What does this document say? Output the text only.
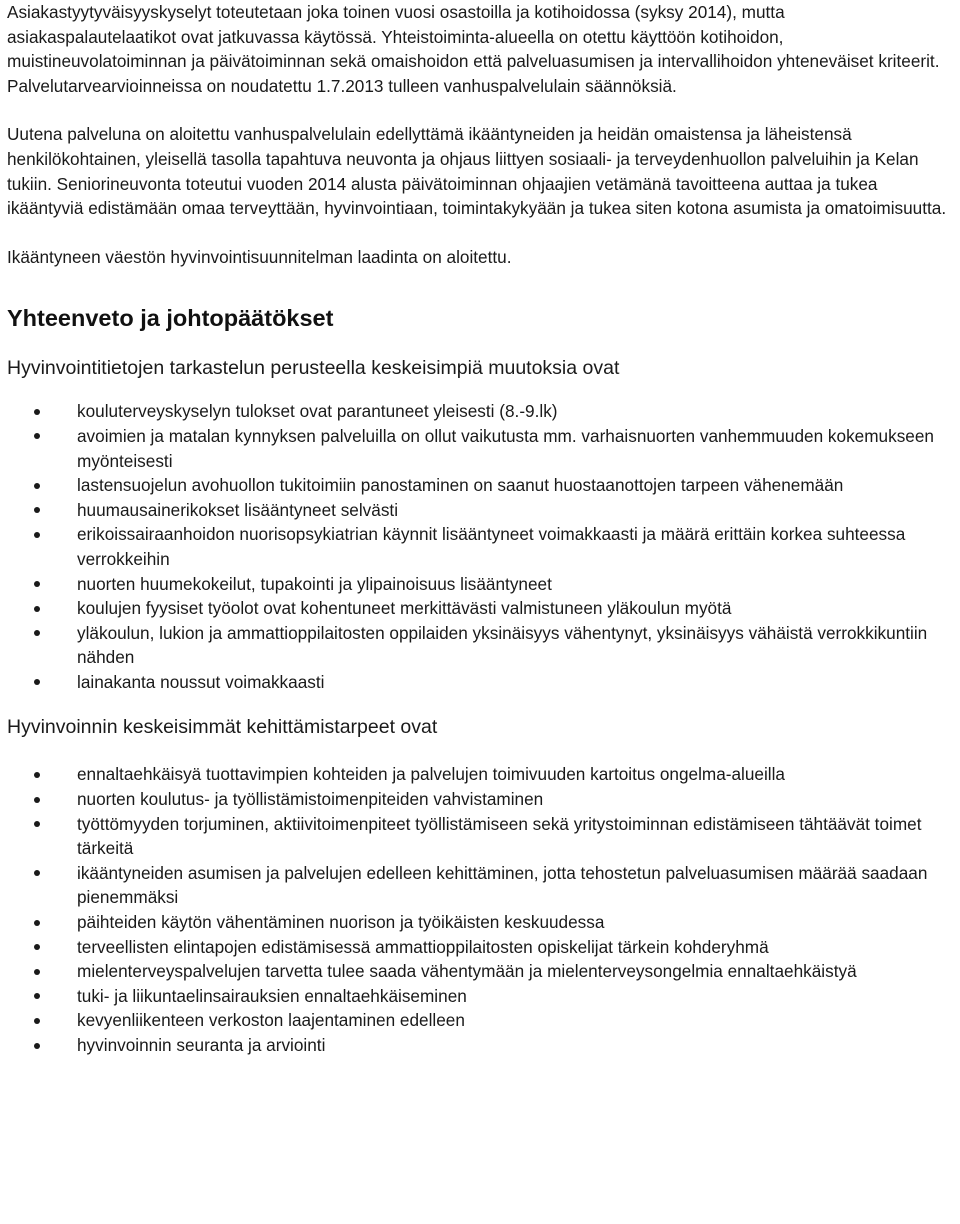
Asiakastyytyväisyyskyselyt toteutetaan joka toinen vuosi osastoilla ja kotihoidossa (syksy 2014), mutta asiakaspalautelaatikot ovat jatkuvassa käytössä. Yhteistoiminta-alueella on otettu käyttöön kotihoidon, muistineuvolatoiminnan ja päivätoiminnan sekä omaishoidon että palveluasumisen ja intervallihoidon yhteneväiset kriteerit. Palvelutarvearvioinneissa on noudatettu 1.7.2013 tulleen vanhuspalvelulain säännöksiä.

Uutena palveluna on aloitettu vanhuspalvelulain edellyttämä ikääntyneiden ja heidän omaistensa ja läheistensä henkilökohtainen, yleisellä tasolla tapahtuva neuvonta ja ohjaus liittyen sosiaali- ja terveydenhuollon palveluihin ja Kelan tukiin. Seniorineuvonta toteutui vuoden 2014 alusta päivätoiminnan ohjaajien vetämänä tavoitteena auttaa ja tukea ikääntyviä edistämään omaa terveyttään, hyvinvointiaan, toimintakykyään ja tukea siten kotona asumista ja omatoimisuutta.

Ikääntyneen väestön hyvinvointisuunnitelman laadinta on aloitettu.

Yhteenveto ja johtopäätökset
Hyvinvointitietojen tarkastelun perusteella keskeisimpiä muutoksia ovat
kouluterveyskyselyn tulokset ovat parantuneet yleisesti (8.-9.lk)
avoimien ja matalan kynnyksen palveluilla on ollut vaikutusta mm. varhaisnuorten vanhemmuuden kokemukseen myönteisesti
lastensuojelun avohuollon tukitoimiin panostaminen on saanut huostaanottojen tarpeen vähenemään
huumausainerikokset lisääntyneet selvästi
erikoissairaanhoidon nuorisopsykiatrian käynnit lisääntyneet voimakkaasti ja määrä erittäin korkea suhteessa verrokkeihin
nuorten huumekokeilut, tupakointi ja ylipainoisuus lisääntyneet
koulujen fyysiset työolot ovat kohentuneet merkittävästi valmistuneen yläkoulun myötä
yläkoulun, lukion ja ammattioppilaitosten oppilaiden yksinäisyys vähentynyt, yksinäisyys vähäistä verrokkikuntiin nähden
lainakanta noussut voimakkaasti
Hyvinvoinnin keskeisimmät kehittämistarpeet ovat
ennaltaehkäisyä tuottavimpien kohteiden ja palvelujen toimivuuden kartoitus ongelma-alueilla
nuorten koulutus- ja työllistämistoimenpiteiden vahvistaminen
työttömyyden torjuminen, aktiivitoimenpiteet työllistämiseen sekä yritystoiminnan edistämiseen tähtäävät toimet tärkeitä
ikääntyneiden asumisen ja palvelujen edelleen kehittäminen, jotta tehostetun palveluasumisen määrää saadaan pienemmäksi
päihteiden käytön vähentäminen nuorison ja työikäisten keskuudessa
terveellisten elintapojen edistämisessä ammattioppilaitosten opiskelijat tärkein kohderyhmä
mielenterveyspalvelujen tarvetta tulee saada vähentymään ja mielenterveysongelmia ennaltaehkäistyä
tuki- ja liikuntaelinsairauksien ennaltaehkäiseminen
kevyenliikenteen verkoston laajentaminen edelleen
hyvinvoinnin seuranta ja arviointi
